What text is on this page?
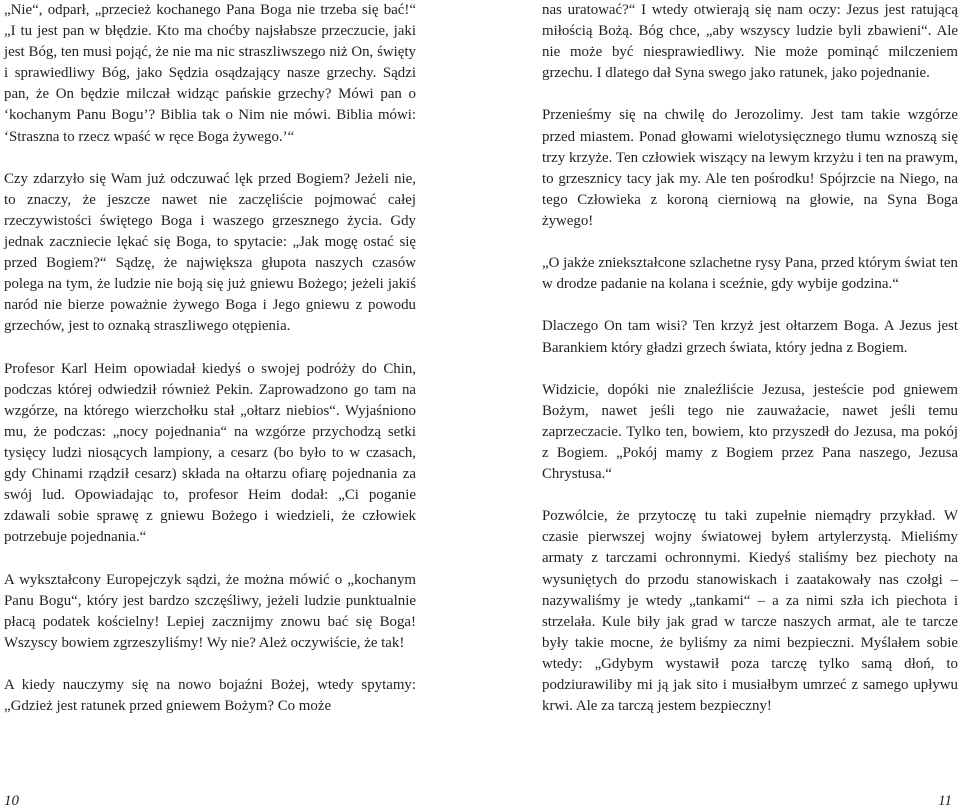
„Nie“, odparł, „przecież kochanego Pana Boga nie trzeba się bać!“ „I tu jest pan w błędzie. Kto ma choćby najsłabsze przeczucie, jaki jest Bóg, ten musi pojąć, że nie ma nic straszliwszego niż On, święty i sprawiedliwy Bóg, jako Sędzia osądzający nasze grzechy. Sądzi pan, że On będzie milczał widząc pańskie grzechy? Mówi pan o ‘kochanym Panu Bogu’? Biblia tak o Nim nie mówi. Biblia mówi: ‘Straszna to rzecz wpaść w ręce Boga żywego.’“

Czy zdarzyło się Wam już odczuwać lęk przed Bogiem? Jeżeli nie, to znaczy, że jeszcze nawet nie zaczęliście pojmować całej rzeczywistości świętego Boga i waszego grzesznego życia. Gdy jednak zaczniecie lękać się Boga, to spytacie: „Jak mogę ostać się przed Bogiem?“ Sądzę, że największa głupota naszych czasów polega na tym, że ludzie nie boją się już gniewu Bożego; jeżeli jakiś naród nie bierze poważnie żywego Boga i Jego gniewu z powodu grzechów, jest to oznaką straszliwego otępienia.

Profesor Karl Heim opowiadał kiedyś o swojej podróży do Chin, podczas której odwiedził również Pekin. Zaprowadzono go tam na wzgórze, na którego wierzchołku stał „ołtarz niebios“. Wyjaśniono mu, że podczas: „nocy pojednania“ na wzgórze przychodzą setki tysięcy ludzi niosących lampiony, a cesarz (bo było to w czasach, gdy Chinami rządził cesarz) składa na ołtarzu ofiarę pojednania za swój lud. Opowiadając to, profesor Heim dodał: „Ci poganie zdawali sobie sprawę z gniewu Bożego i wiedzieli, że człowiek potrzebuje pojednania.“

A wykształcony Europejczyk sądzi, że można mówić o „kochanym Panu Bogu“, który jest bardzo szczęśliwy, jeżeli ludzie punktualnie płacą podatek kościelny! Lepiej zacznijmy znowu bać się Boga! Wszyscy bowiem zgrzeszyliśmy! Wy nie? Ależ oczywiście, że tak!

A kiedy nauczymy się na nowo bojaźni Bożej, wtedy spytamy: „Gdzież jest ratunek przed gniewem Bożym? Co może

nas uratować?“ I wtedy otwierają się nam oczy: Jezus jest ratującą miłością Bożą. Bóg chce, „aby wszyscy ludzie byli zbawieni“. Ale nie może być niesprawiedliwy. Nie może pominąć milczeniem grzechu. I dlatego dał Syna swego jako ratunek, jako pojednanie.

Przenieśmy się na chwilę do Jerozolimy. Jest tam takie wzgórze przed miastem. Ponad głowami wielotysięcznego tłumu wznoszą się trzy krzyże. Ten człowiek wiszący na lewym krzyżu i ten na prawym, to grzesznicy tacy jak my. Ale ten pośrodku! Spójrzcie na Niego, na tego Człowieka z koroną cierniową na głowie, na Syna Boga żywego!

„O jakże zniekształcone szlachetne rysy Pana, przed którym świat ten w drodze padanie na kolana i sceźnie, gdy wybije godzina.“

Dlaczego On tam wisi? Ten krzyż jest ołtarzem Boga. A Jezus jest Barankiem który gładzi grzech świata, który jedna z Bogiem.

Widzicie, dopóki nie znaleźliście Jezusa, jesteście pod gniewem Bożym, nawet jeśli tego nie zauważacie, nawet jeśli temu zaprzeczacie. Tylko ten, bowiem, kto przyszedł do Jezusa, ma pokój z Bogiem. „Pokój mamy z Bogiem przez Pana naszego, Jezusa Chrystusa.“

Pozwólcie, że przytoczę tu taki zupełnie niemądry przykład. W czasie pierwszej wojny światowej byłem artylerzystą. Mieliśmy armaty z tarczami ochronnymi. Kiedyś staliśmy bez piechoty na wysuniętych do przodu stanowiskach i zaatakowały nas czołgi – nazywaliśmy je wtedy „tankami“ – a za nimi szła ich piechota i strzelała. Kule biły jak grad w tarcze naszych armat, ale te tarcze były takie mocne, że byliśmy za nimi bezpieczni. Myślałem sobie wtedy: „Gdybym wystawił poza tarczę tylko samą dłoń, to podziurawiliby mi ją jak sito i musiałbym umrzeć z samego upływu krwi. Ale za tarczą jestem bezpieczny!

10	11
